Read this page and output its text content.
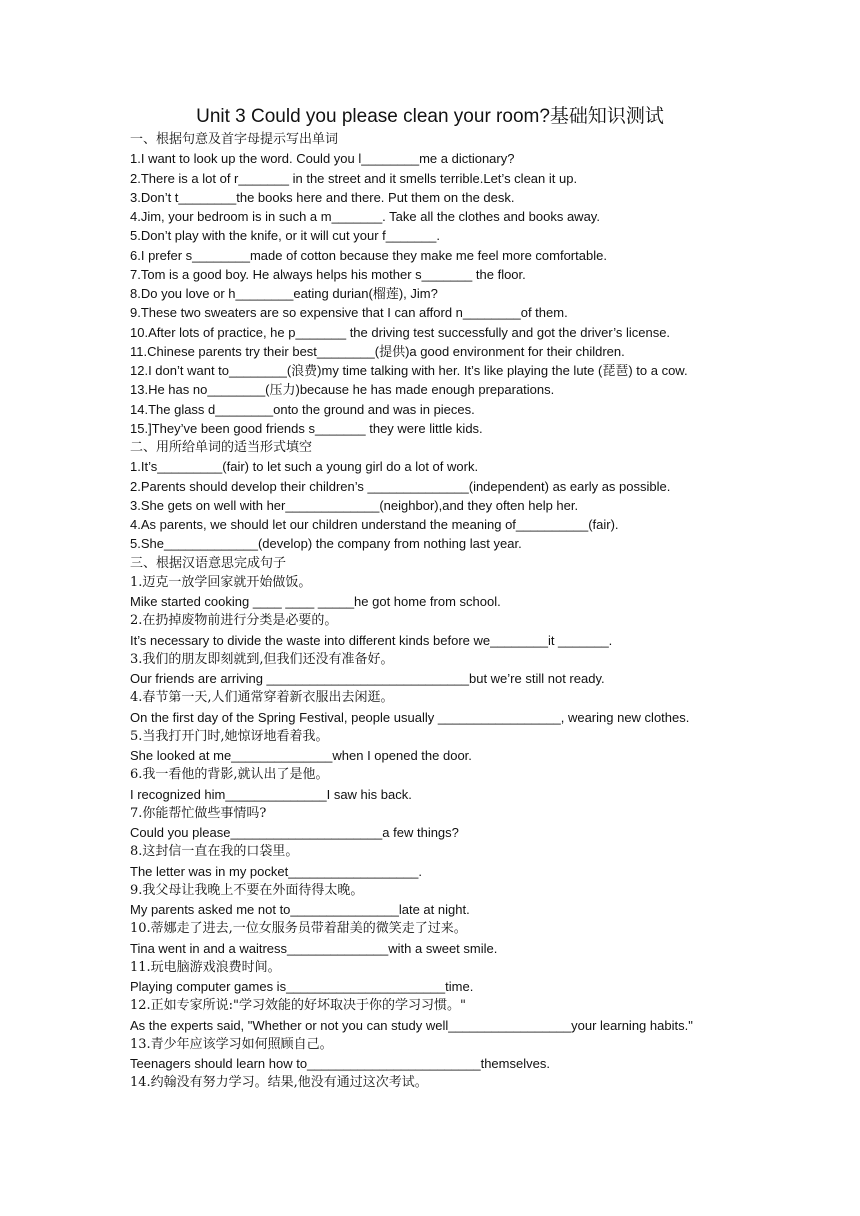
Unit 3 Could you please clean your room?基础知识测试
一、根据句意及首字母提示写出单词
1.I want to look up the word. Could you l________me a dictionary?
2.There is a lot of r_______ in the street and it smells terrible.Let’s clean it up.
3.Don’t t________the books here and there. Put them on the desk.
4.Jim, your bedroom is in such a m_______. Take all the clothes and books away.
5.Don’t play with the knife, or it will cut your f_______.
6.I prefer s________made of cotton because they make me feel more comfortable.
7.Tom is a good boy. He always helps his mother s_______ the floor.
8.Do you love or h________eating durian(榴莲), Jim?
9.These two sweaters are so expensive that I can afford n________of them.
10.After lots of practice, he p_______ the driving test successfully and got the driver’s license.
11.Chinese parents try their best________(提供)a good environment for their children.
12.I don’t want to________(浪费)my time talking with her. It’s like playing the lute (琵琶) to a cow.
13.He has no________(压力)because he has made enough preparations.
14.The glass d________onto the ground and was in pieces.
15.]They’ve been good friends s_______ they were little kids.
二、用所给单词的适当形式填空
1.It’s_________(fair) to let such a young girl do a lot of work.
2.Parents should develop their children’s ______________(independent) as early as possible.
3.She gets on well with her_____________(neighbor),and they often help her.
4.As parents, we should let our children understand the meaning of__________(fair).
5.She_____________(develop) the company from nothing last year.
三、根据汉语意思完成句子
1.迈克一放学回家就开始做饭。
Mike started cooking ____ ____ _____he got home from school.
2.在扔掉废物前进行分类是必要的。
It’s necessary to divide the waste into different kinds before we________it _______.
3.我们的朋友即刻就到,但我们还没有准备好。
Our friends are arriving ____________________________but we’re still not ready.
4.春节第一天,人们通常穿着新衣服出去闲逛。
On the first day of the Spring Festival, people usually _________________, wearing new clothes.
5.当我打开门时,她惊讶地看着我。
She looked at me______________when I opened the door.
6.我一看他的背影,就认出了是他。
I recognized him______________I saw his back.
7.你能帮忙做些事情吗?
Could you please_____________________a few things?
8.这封信一直在我的口袋里。
The letter was in my pocket__________________.
9.我父母让我晚上不要在外面待得太晚。
My parents asked me not to_______________late at night.
10.蒂娜走了进去,一位女服务员带着甜美的微笑走了过来。
Tina went in and a waitress______________with a sweet smile.
11.玩电脑游戏浪费时间。
Playing computer games is______________________time.
12.正如专家所说:"学习效能的好坏取决于你的学习习惯。"
As the experts said, "Whether or not you can study well_________________your learning habits."
13.青少年应该学习如何照顾自己。
Teenagers should learn how to________________________themselves.
14.约翰没有努力学习。结果,他没有通过这次考试。
